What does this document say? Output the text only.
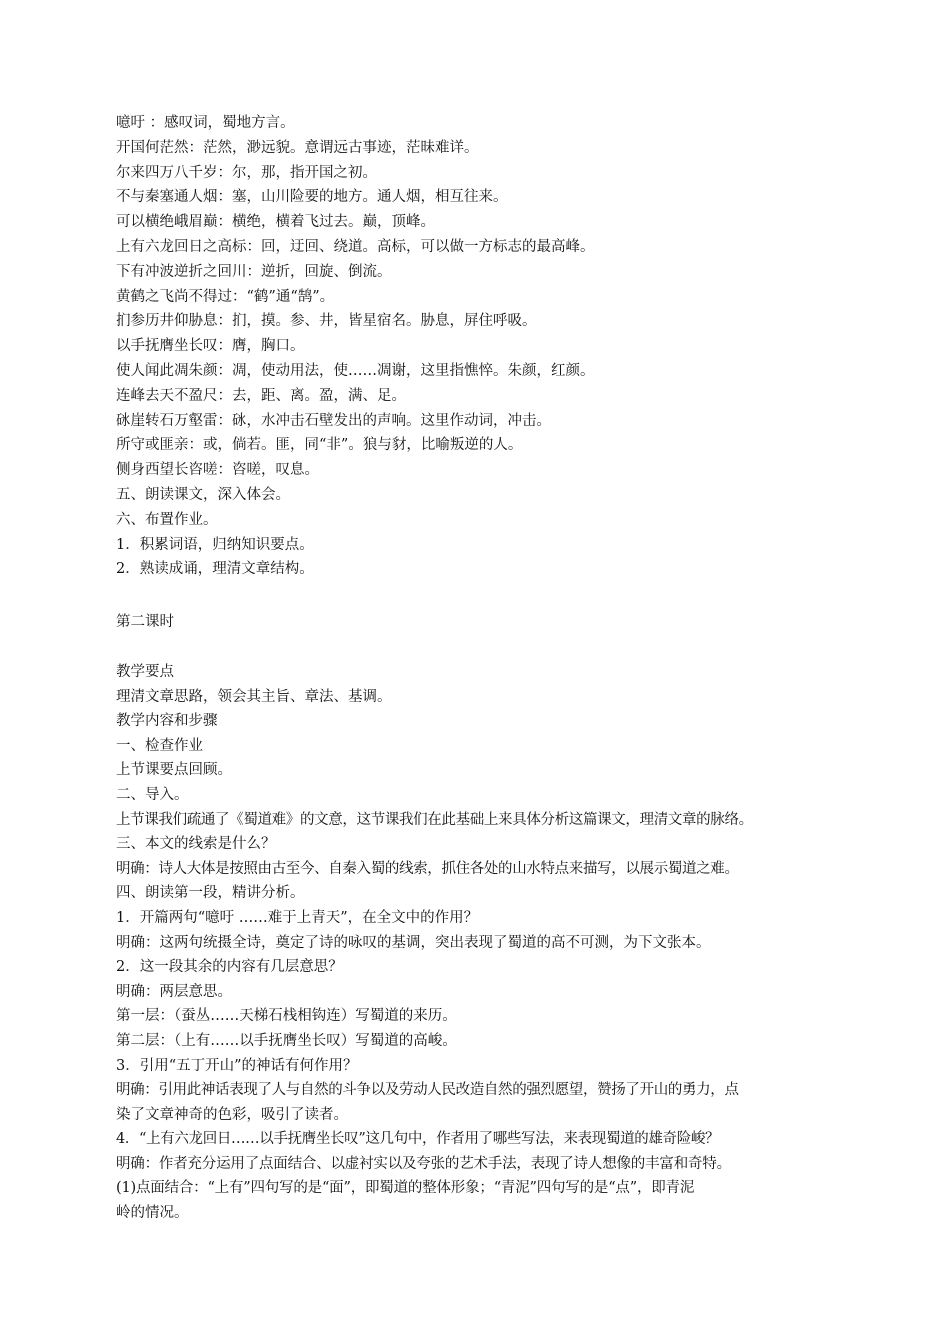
噫吁 ：感叹词，蜀地方言。
开国何茫然：茫然，渺远貌。意谓远古事迹，茫昧难详。
尔来四万八千岁：尔，那，指开国之初。
不与秦塞通人烟：塞，山川险要的地方。通人烟，相互往来。
可以横绝峨眉巅：横绝，横着飞过去。巅，顶峰。
上有六龙回日之高标：回，迂回、绕道。高标，可以做一方标志的最高峰。
下有冲波逆折之回川：逆折，回旋、倒流。
黄鹤之飞尚不得过：“鹤”通“鹄”。
扪参历井仰胁息：扪，摸。参、井，皆星宿名。胁息，屏住呼吸。
以手抚膺坐长叹：膺，胸口。
使人闻此凋朱颜：凋，使动用法，使……凋谢，这里指憔悴。朱颜，红颜。
连峰去天不盈尺：去，距、离。盈，满、足。
砯崖转石万壑雷：砯，水冲击石壁发出的声响。这里作动词，冲击。
所守或匪亲：或，倘若。匪，同“非”。狼与豺，比喻叛逆的人。
侧身西望长咨嗟：咨嗟，叹息。
五、朗读课文，深入体会。
六、布置作业。
1．积累词语，归纳知识要点。
2．熟读成诵，理清文章结构。
第二课时
教学要点
理清文章思路，领会其主旨、章法、基调。
教学内容和步骤
一、检查作业
上节课要点回顾。
二、导入。
上节课我们疏通了《蜀道难》的文意，这节课我们在此基础上来具体分析这篇课文，理清文章的脉络。
三、本文的线索是什么？
明确：诗人大体是按照由古至今、自秦入蜀的线索，抓住各处的山水特点来描写，以展示蜀道之难。
四、朗读第一段，精讲分析。
1．开篇两句“噫吁 ……难于上青天”，在全文中的作用？
明确：这两句统摄全诗，奠定了诗的咏叹的基调，突出表现了蜀道的高不可测，为下文张本。
2．这一段其余的内容有几层意思？
明确：两层意思。
第一层：（蚕丛……天梯石栈相钩连）写蜀道的来历。
第二层：（上有……以手抚膺坐长叹）写蜀道的高峻。
3．引用“五丁开山”的神话有何作用？
明确：引用此神话表现了人与自然的斗争以及劳动人民改造自然的强烈愿望，赞扬了开山的勇力，点
染了文章神奇的色彩，吸引了读者。
4．“上有六龙回日……以手抚膺坐长叹”这几句中，作者用了哪些写法，来表现蜀道的雄奇险峻？
明确：作者充分运用了点面结合、以虚衬实以及夸张的艺术手法，表现了诗人想像的丰富和奇特。
(1)点面结合：“上有”四句写的是“面”，即蜀道的整体形象；“青泥”四句写的是“点”，即青泥
岭的情况。
